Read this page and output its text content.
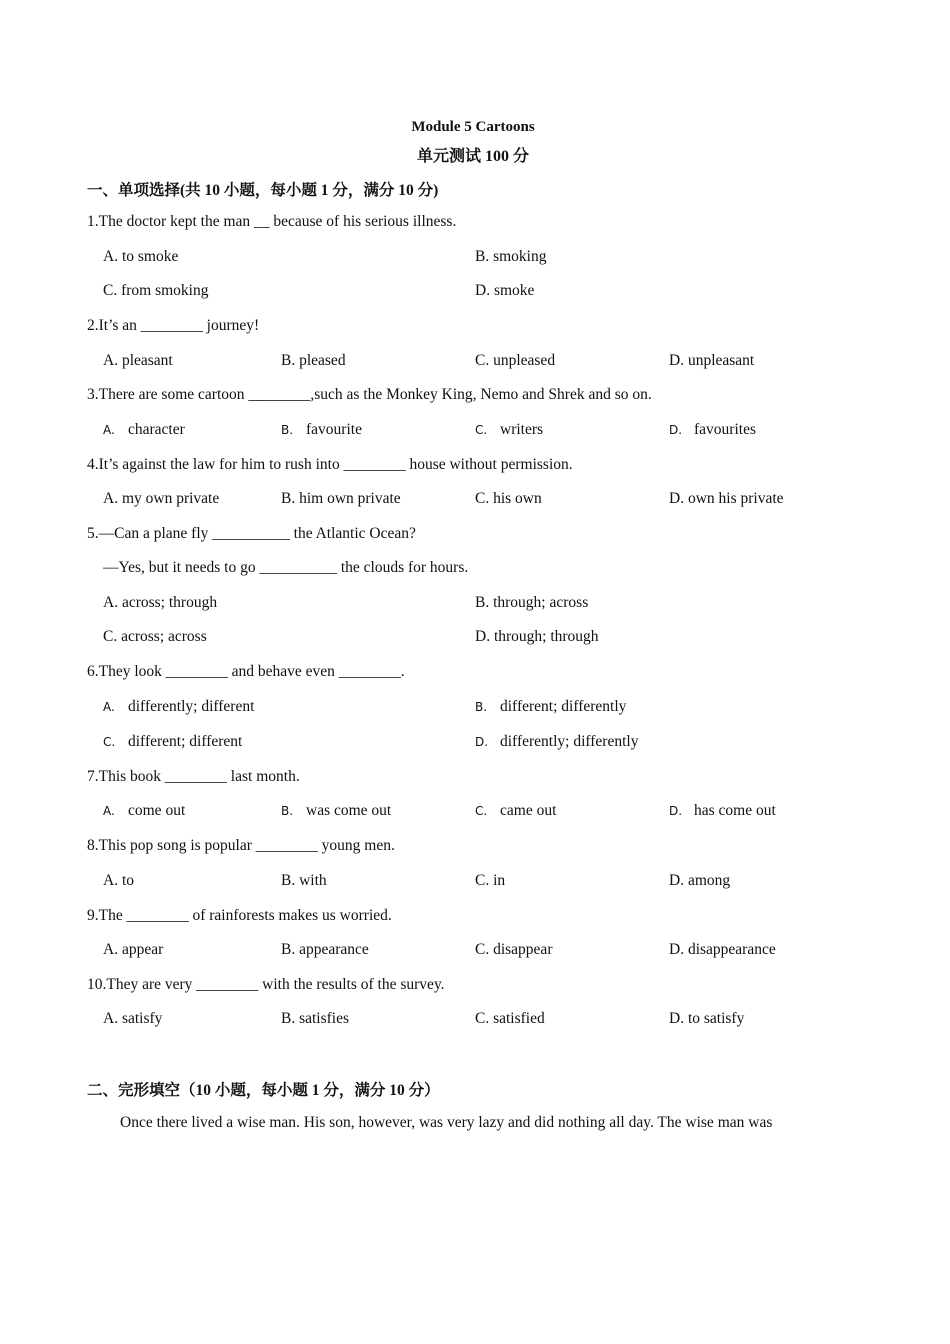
Module 5 Cartoons
单元测试 100 分
一、单项选择(共 10 小题，每小题 1 分，满分 10 分)
1.The doctor kept the man __ because of his serious illness.
A. to smoke	B. smoking
C. from smoking	D. smoke
2.It’s an ________ journey!
A. pleasant	B. pleased	C. unpleased	D. unpleasant
3.There are some cartoon ________,such as the Monkey King, Nemo and Shrek and so on.
A. character	B. favourite	C. writers	D. favourites
4.It’s against the law for him to rush into ________ house without permission.
A. my own private	B. him own private	C. his own	D. own his private
5.—Can a plane fly __________ the Atlantic Ocean?
—Yes, but it needs to go __________ the clouds for hours.
A. across; through	B. through; across
C. across; across	D. through; through
6.They look ________ and behave even ________.
A. differently; different	B. different; differently
C. different; different	D. differently; differently
7.This book ________ last month.
A. come out	B. was come out	C. came out	D. has come out
8.This pop song is popular ________ young men.
A. to	B. with	C. in	D. among
9.The ________ of rainforests makes us worried.
A. appear	B. appearance	C. disappear	D. disappearance
10.They are very ________ with the results of the survey.
A. satisfy	B. satisfies	C. satisfied	D. to satisfy
二、完形填空（10 小题，每小题 1 分，满分 10 分）
Once there lived a wise man. His son, however, was very lazy and did nothing all day. The wise man was
